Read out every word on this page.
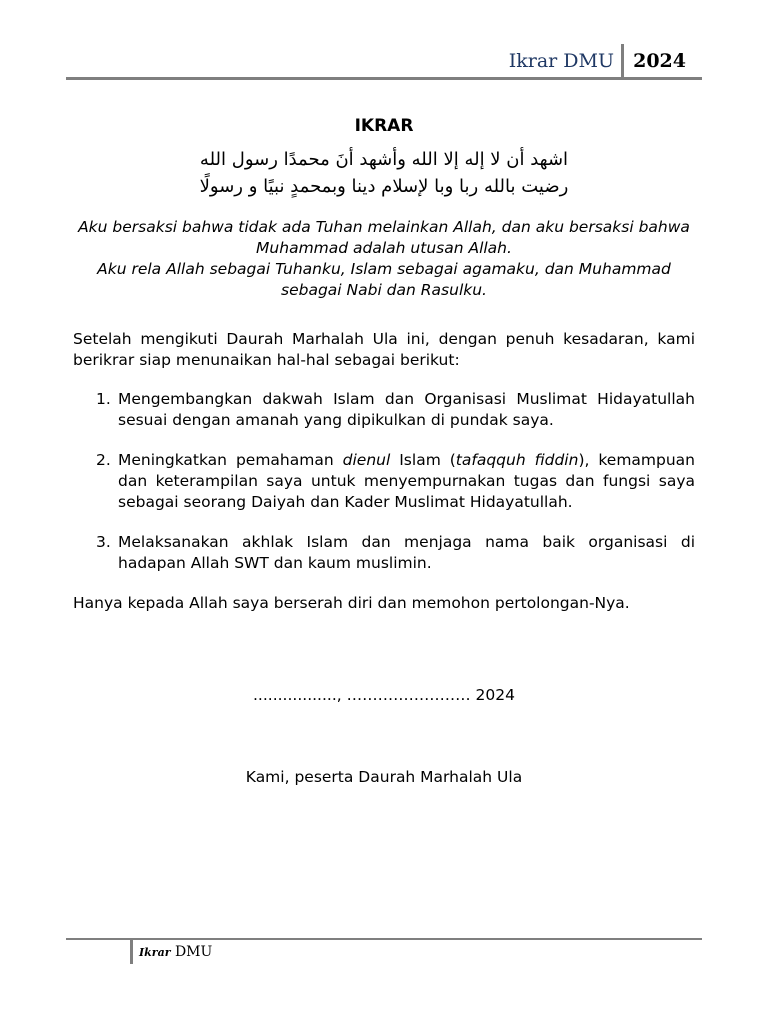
Ikrar DMU 2024
IKRAR
اشهد أن لا إله إلا الله وأشهد أنَ محمدًا رسول الله
رضيت بالله ربا وبا لإسلام دينا وبمحمدٍ نبيًا و رسولًا
Aku bersaksi bahwa tidak ada Tuhan melainkan Allah, dan aku bersaksi bahwa Muhammad adalah utusan Allah.
Aku rela Allah sebagai Tuhanku, Islam sebagai agamaku, dan Muhammad sebagai Nabi dan Rasulku.

Setelah mengikuti Daurah Marhalah Ula ini, dengan penuh kesadaran, kami berikrar siap menunaikan hal-hal sebagai berikut:

1. Mengembangkan dakwah Islam dan Organisasi Muslimat Hidayatullah sesuai dengan amanah yang dipikulkan di pundak saya.
2. Meningkatkan pemahaman dienul Islam (tafaqquh fiddin), kemampuan dan keterampilan saya untuk menyempurnakan tugas dan fungsi saya sebagai seorang Daiyah dan Kader Muslimat Hidayatullah.
3. Melaksanakan akhlak Islam dan menjaga nama baik organisasi di hadapan Allah SWT dan kaum muslimin.

Hanya kepada Allah saya berserah diri dan memohon pertolongan-Nya.

................., …………………… 2024
Kami, peserta Daurah Marhalah Ula
Ikrar DMU
